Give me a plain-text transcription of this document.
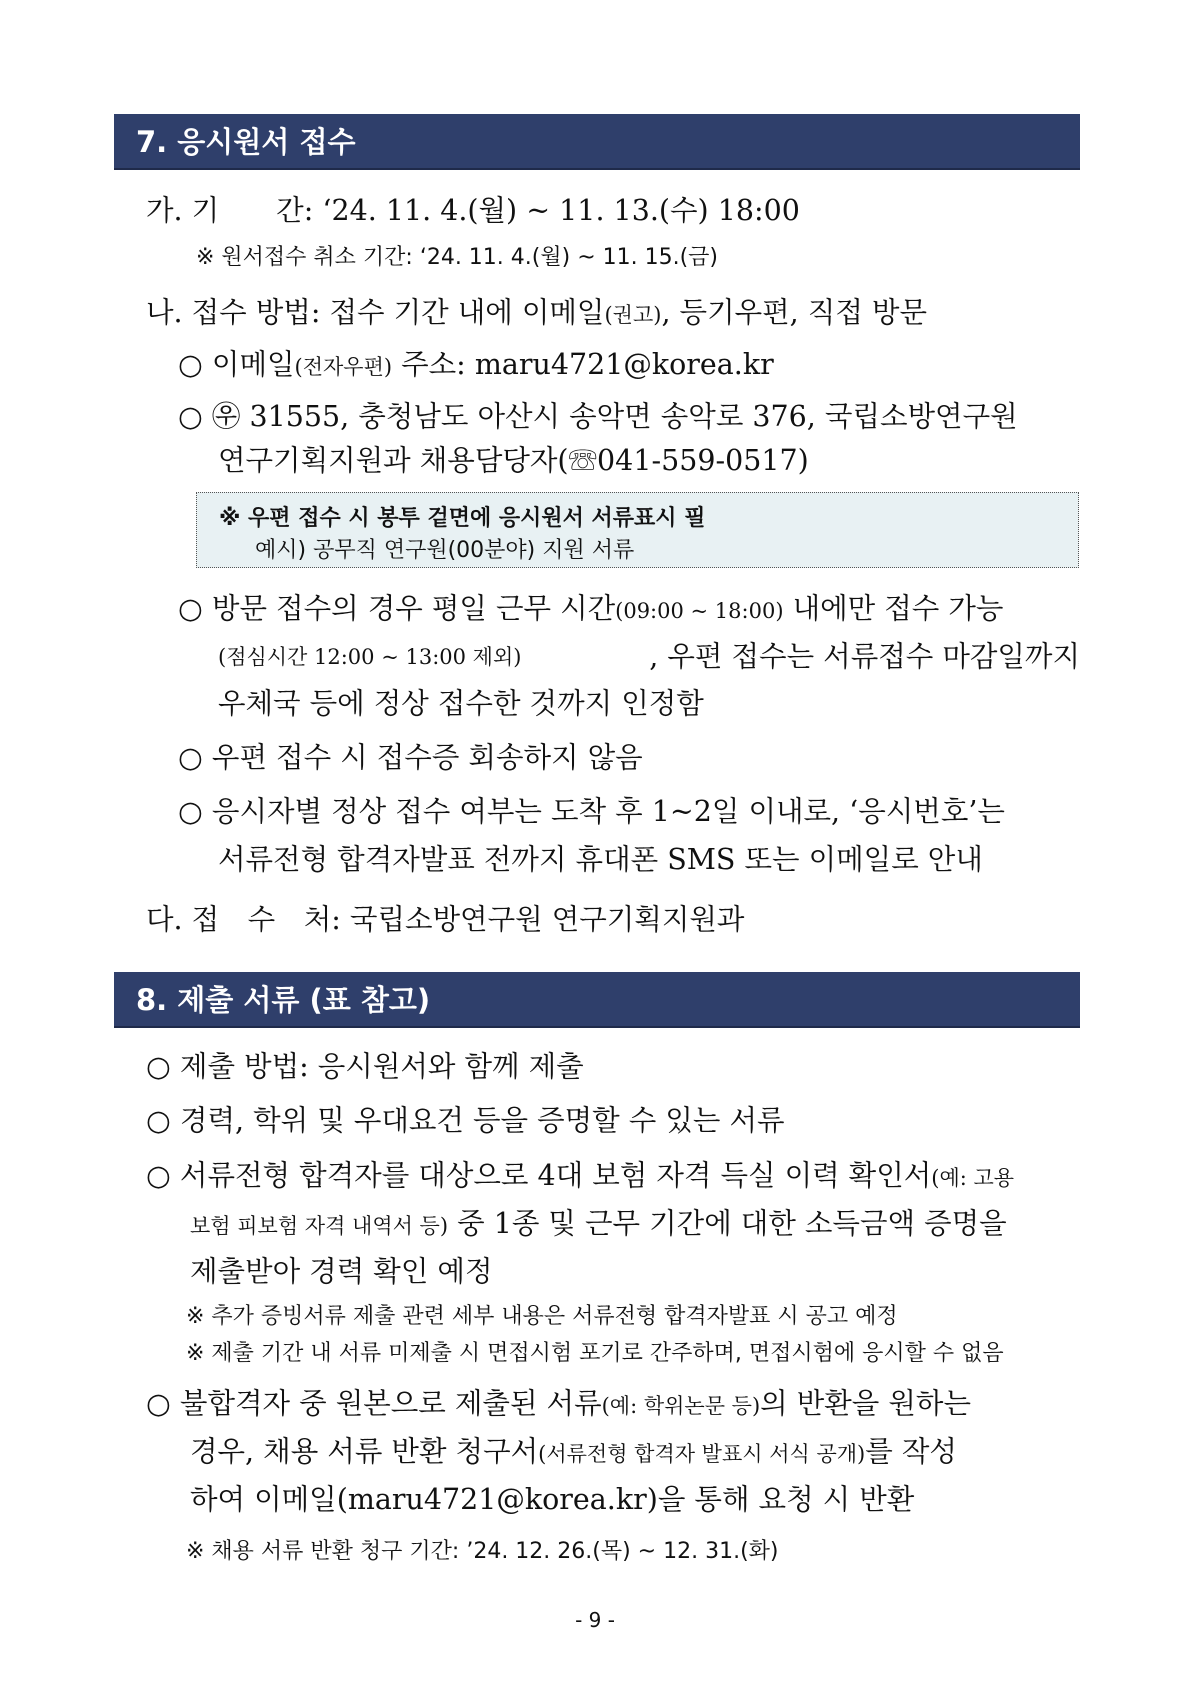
7. 응시원서 접수
가. 기　　간: ‘24. 11. 4.(월) ~ 11. 13.(수) 18:00
※ 원서접수 취소 기간: ‘24. 11. 4.(월) ~ 11. 15.(금)
나. 접수 방법: 접수 기간 내에 이메일(권고), 등기우편, 직접 방문
○ 이메일(전자우편) 주소: maru4721@korea.kr
○ ㉾ 31555, 충청남도 아산시 송악면 송악로 376, 국립소방연구원
연구기획지원과 채용담당자(☏041-559-0517)
※ 우편 접수 시 봉투 겉면에 응시원서 서류표시 필
예시) 공무직 연구원(00분야) 지원 서류
○ 방문 접수의 경우 평일 근무 시간(09:00 ~ 18:00) 내에만 접수 가능
(점심시간 12:00 ~ 13:00 제외)	, 우편 접수는 서류접수 마감일까지
우체국 등에 정상 접수한 것까지 인정함
○ 우편 접수 시 접수증 회송하지 않음
○ 응시자별 정상 접수 여부는 도착 후 1~2일 이내로, ‘응시번호’는
서류전형 합격자발표 전까지 휴대폰 SMS 또는 이메일로 안내
다. 접　수　처: 국립소방연구원 연구기획지원과
8. 제출 서류 (표 참고)
○ 제출 방법: 응시원서와 함께 제출
○ 경력, 학위 및 우대요건 등을 증명할 수 있는 서류
○ 서류전형 합격자를 대상으로 4대 보험 자격 득실 이력 확인서(예: 고용
보험 피보험 자격 내역서 등) 중 1종 및 근무 기간에 대한 소득금액 증명을
제출받아 경력 확인 예정
※ 추가 증빙서류 제출 관련 세부 내용은 서류전형 합격자발표 시 공고 예정
※ 제출 기간 내 서류 미제출 시 면접시험 포기로 간주하며, 면접시험에 응시할 수 없음
○ 불합격자 중 원본으로 제출된 서류(예: 학위논문 등)의 반환을 원하는
경우, 채용 서류 반환 청구서(서류전형 합격자 발표시 서식 공개)를 작성
하여 이메일(maru4721@korea.kr)을 통해 요청 시 반환
※ 채용 서류 반환 청구 기간: ’24. 12. 26.(목) ~ 12. 31.(화)
- 9 -
